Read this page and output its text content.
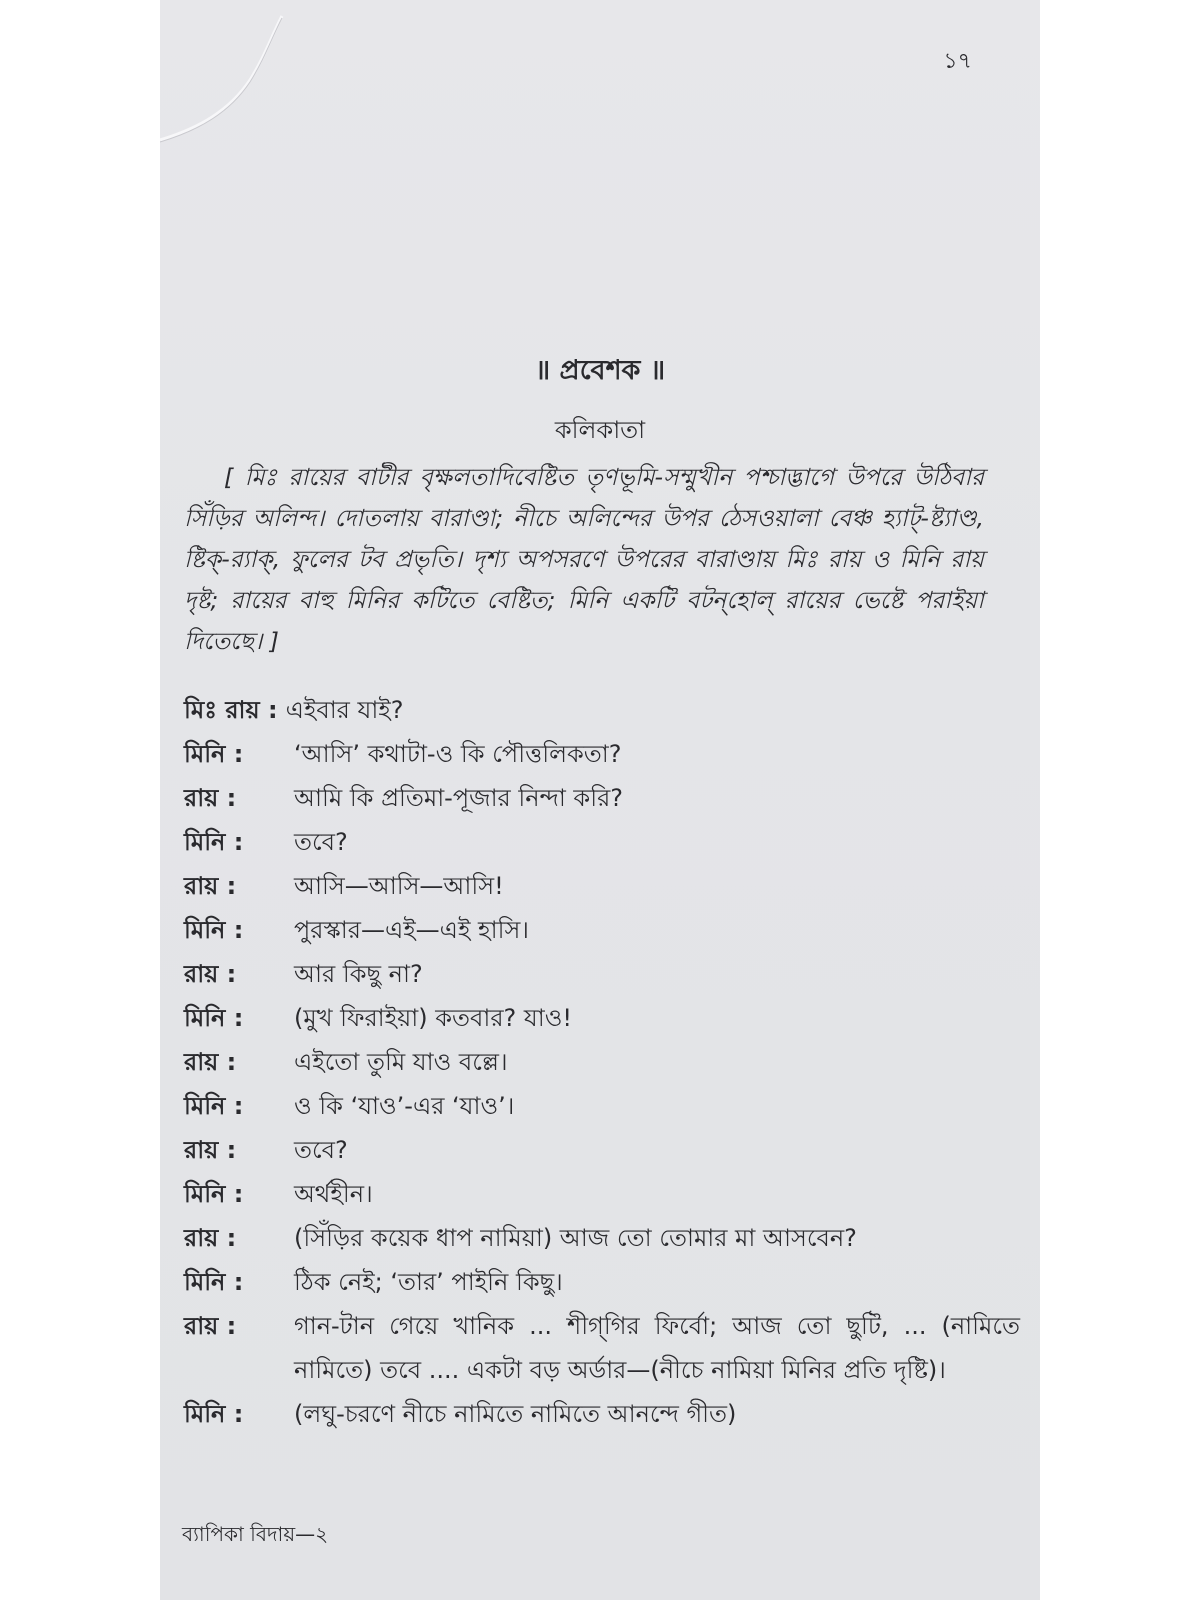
১৭
॥ প্রবেশক ॥
কলিকাতা
[ মিঃ রায়ের বাটীর বৃক্ষলতাদিবেষ্টিত তৃণভূমি-সম্মুখীন পশ্চাদ্ভাগে উপরে উঠিবার সিঁড়ির অলিন্দ। দোতলায় বারাণ্ডা; নীচে অলিন্দের উপর ঠেসওয়ালা বেঞ্চ হ্যাট্-ষ্ট্যাণ্ড, ষ্টিক্-র‍্যাক্, ফুলের টব প্রভৃতি। দৃশ্য অপসরণে উপরের বারাণ্ডায় মিঃ রায় ও মিনি রায় দৃষ্ট; রায়ের বাহু মিনির কটিতে বেষ্টিত; মিনি একটি বটন্‌হোল্ রায়ের ভেষ্টে পরাইয়া দিতেছে। ]
মিঃ রায় : এইবার যাই?
মিনি :	‘আসি’ কথাটা-ও কি পৌত্তলিকতা?
রায় :	আমি কি প্রতিমা-পূজার নিন্দা করি?
মিনি :	তবে?
রায় :	আসি—আসি—আসি!
মিনি :	পুরস্কার—এই—এই হাসি।
রায় :	আর কিছু না?
মিনি :	(মুখ ফিরাইয়া) কতবার? যাও!
রায় :	এইতো তুমি যাও বল্লে।
মিনি :	ও কি ‘যাও’-এর ‘যাও’।
রায় :	তবে?
মিনি :	অর্থহীন।
রায় :	(সিঁড়ির কয়েক ধাপ নামিয়া) আজ তো তোমার মা আসবেন?
মিনি :	ঠিক নেই; ‘তার’ পাইনি কিছু।
রায় :	গান-টান গেয়ে খানিক ... শীগ্‌গির ফির্বো; আজ তো ছুটি, ... (নামিতে নামিতে) তবে .... একটা বড় অর্ডার—(নীচে নামিয়া মিনির প্রতি দৃষ্টি)।
মিনি :	(লঘু-চরণে নীচে নামিতে নামিতে আনন্দে গীত)
ব্যাপিকা বিদায়—২
